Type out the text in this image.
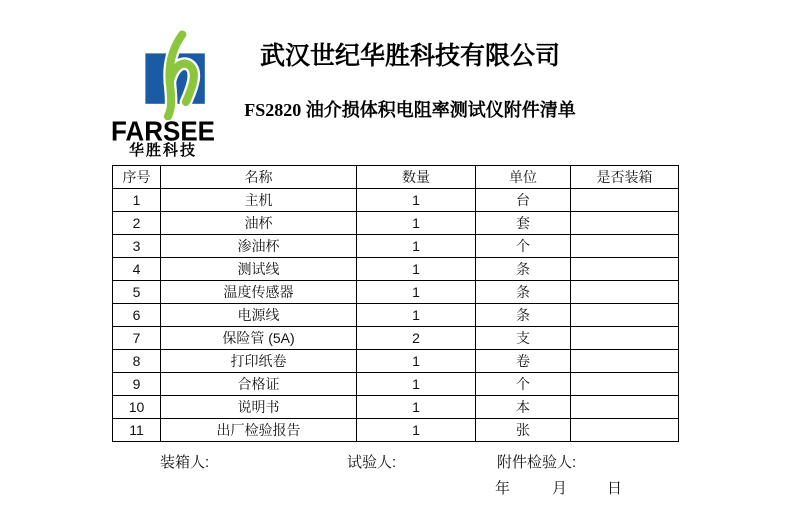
FARSEE
华胜科技
武汉世纪华胜科技有限公司
FS2820 油介损体积电阻率测试仪附件清单
序号	名称	数量	单位	是否装箱
1	主机	1	台	
2	油杯	1	套	
3	渗油杯	1	个	
4	测试线	1	条	
5	温度传感器	1	条	
6	电源线	1	条	
7	保险管 (5A)	2	支	
8	打印纸卷	1	卷	
9	合格证	1	个	
10	说明书	1	本	
11	出厂检验报告	1	张	
装箱人:	试验人:	附件检验人:
年	月	日
